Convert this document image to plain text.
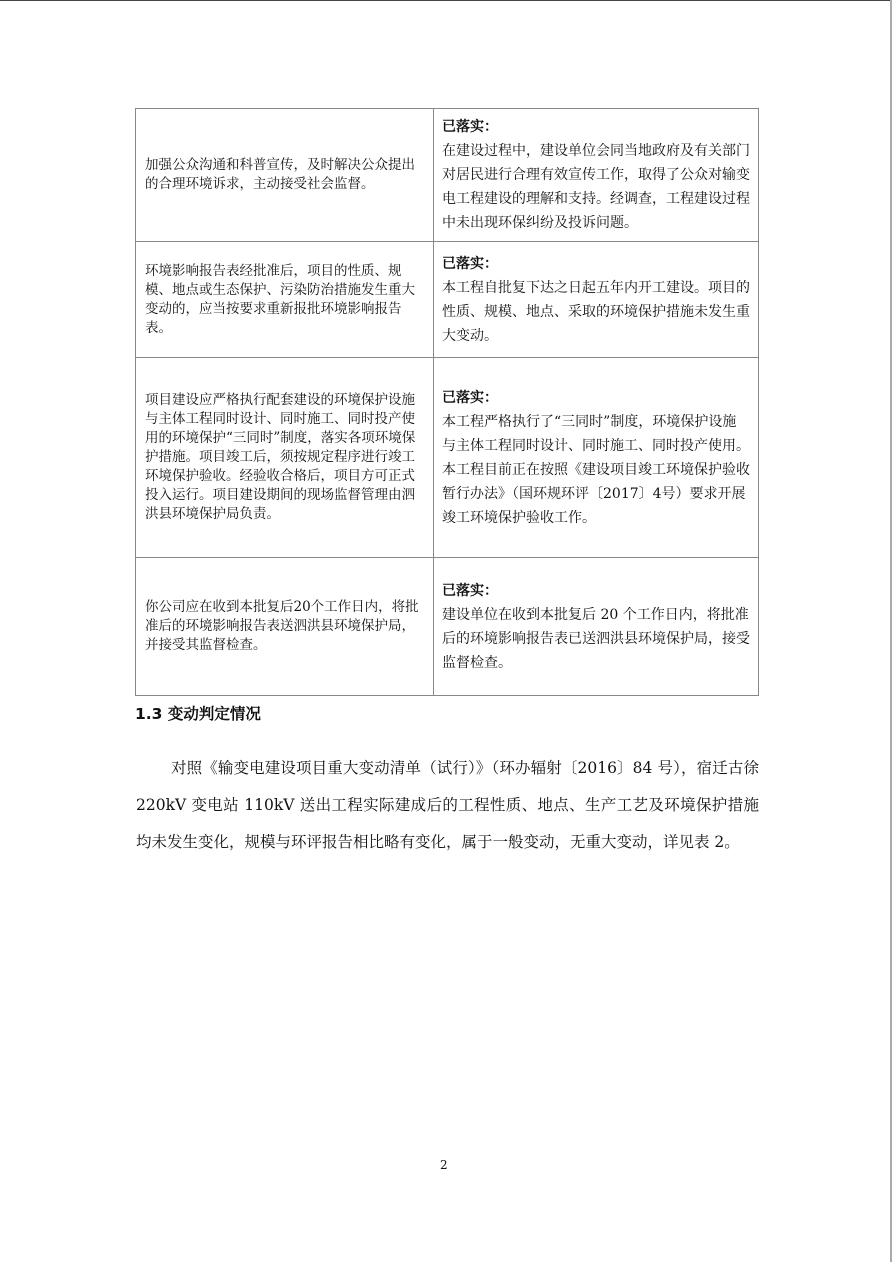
加强公众沟通和科普宣传，及时解决公众提出的合理环境诉求，主动接受社会监督。	已落实：
在建设过程中，建设单位会同当地政府及有关部门对居民进行合理有效宣传工作，取得了公众对输变电工程建设的理解和支持。经调查，工程建设过程中未出现环保纠纷及投诉问题。
环境影响报告表经批准后，项目的性质、规模、地点或生态保护、污染防治措施发生重大变动的，应当按要求重新报批环境影响报告表。	已落实：
本工程自批复下达之日起五年内开工建设。项目的性质、规模、地点、采取的环境保护措施未发生重大变动。
项目建设应严格执行配套建设的环境保护设施与主体工程同时设计、同时施工、同时投产使用的环境保护“三同时”制度，落实各项环境保护措施。项目竣工后，须按规定程序进行竣工环境保护验收。经验收合格后，项目方可正式投入运行。项目建设期间的现场监督管理由泗洪县环境保护局负责。	已落实：
本工程严格执行了“三同时”制度，环境保护设施与主体工程同时设计、同时施工、同时投产使用。本工程目前正在按照《建设项目竣工环境保护验收暂行办法》（国环规环评〔2017〕4号）要求开展竣工环境保护验收工作。
你公司应在收到本批复后20个工作日内，将批准后的环境影响报告表送泗洪县环境保护局，并接受其监督检查。	已落实：
建设单位在收到本批复后 20 个工作日内，将批准后的环境影响报告表已送泗洪县环境保护局，接受监督检查。
1.3 变动判定情况

对照《输变电建设项目重大变动清单（试行）》（环办辐射〔2016〕84 号），宿迁古徐 220kV 变电站 110kV 送出工程实际建成后的工程性质、地点、生产工艺及环境保护措施均未发生变化，规模与环评报告相比略有变化，属于一般变动，无重大变动，详见表 2。

2
